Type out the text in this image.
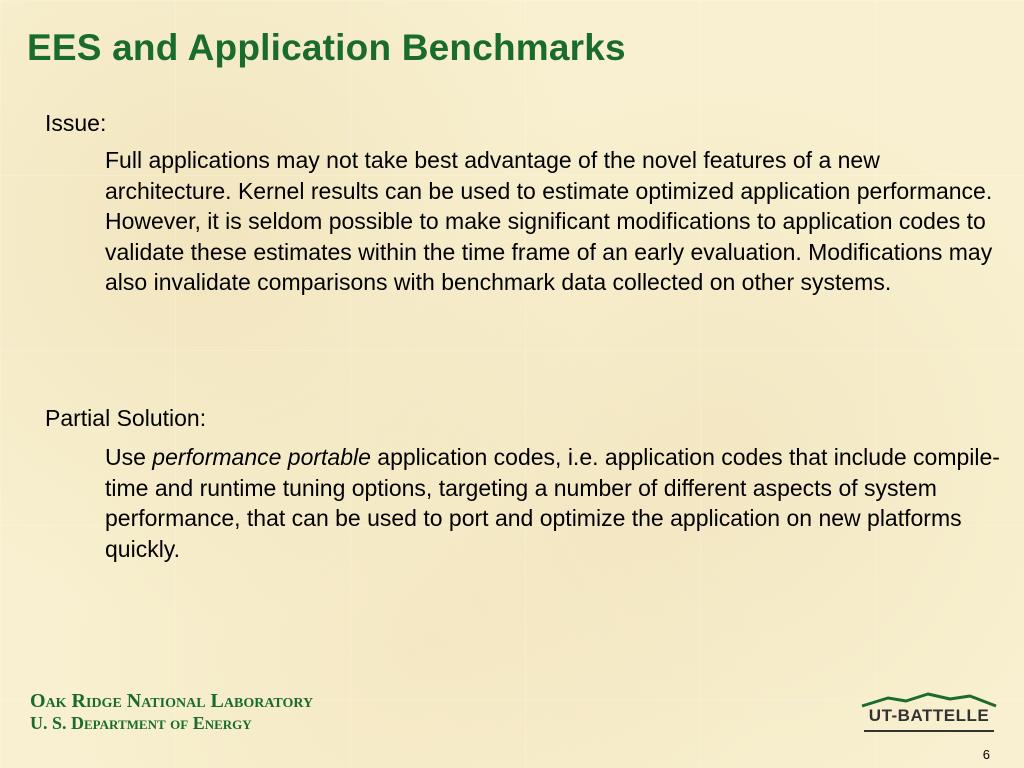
EES and Application Benchmarks
Issue:

Full applications may not take best advantage of the novel features of a new architecture. Kernel results can be used to estimate optimized application performance. However, it is seldom possible to make significant modifications to application codes to validate these estimates within the time frame of an early evaluation. Modifications may also invalidate comparisons with benchmark data collected on other systems.

Partial Solution:

Use performance portable application codes, i.e. application codes that include compile-time and runtime tuning options, targeting a number of different aspects of system performance, that can be used to port and optimize the application on new platforms quickly.

Oak Ridge National Laboratory
U. S. Department of Energy	UT-BATTELLE
6
